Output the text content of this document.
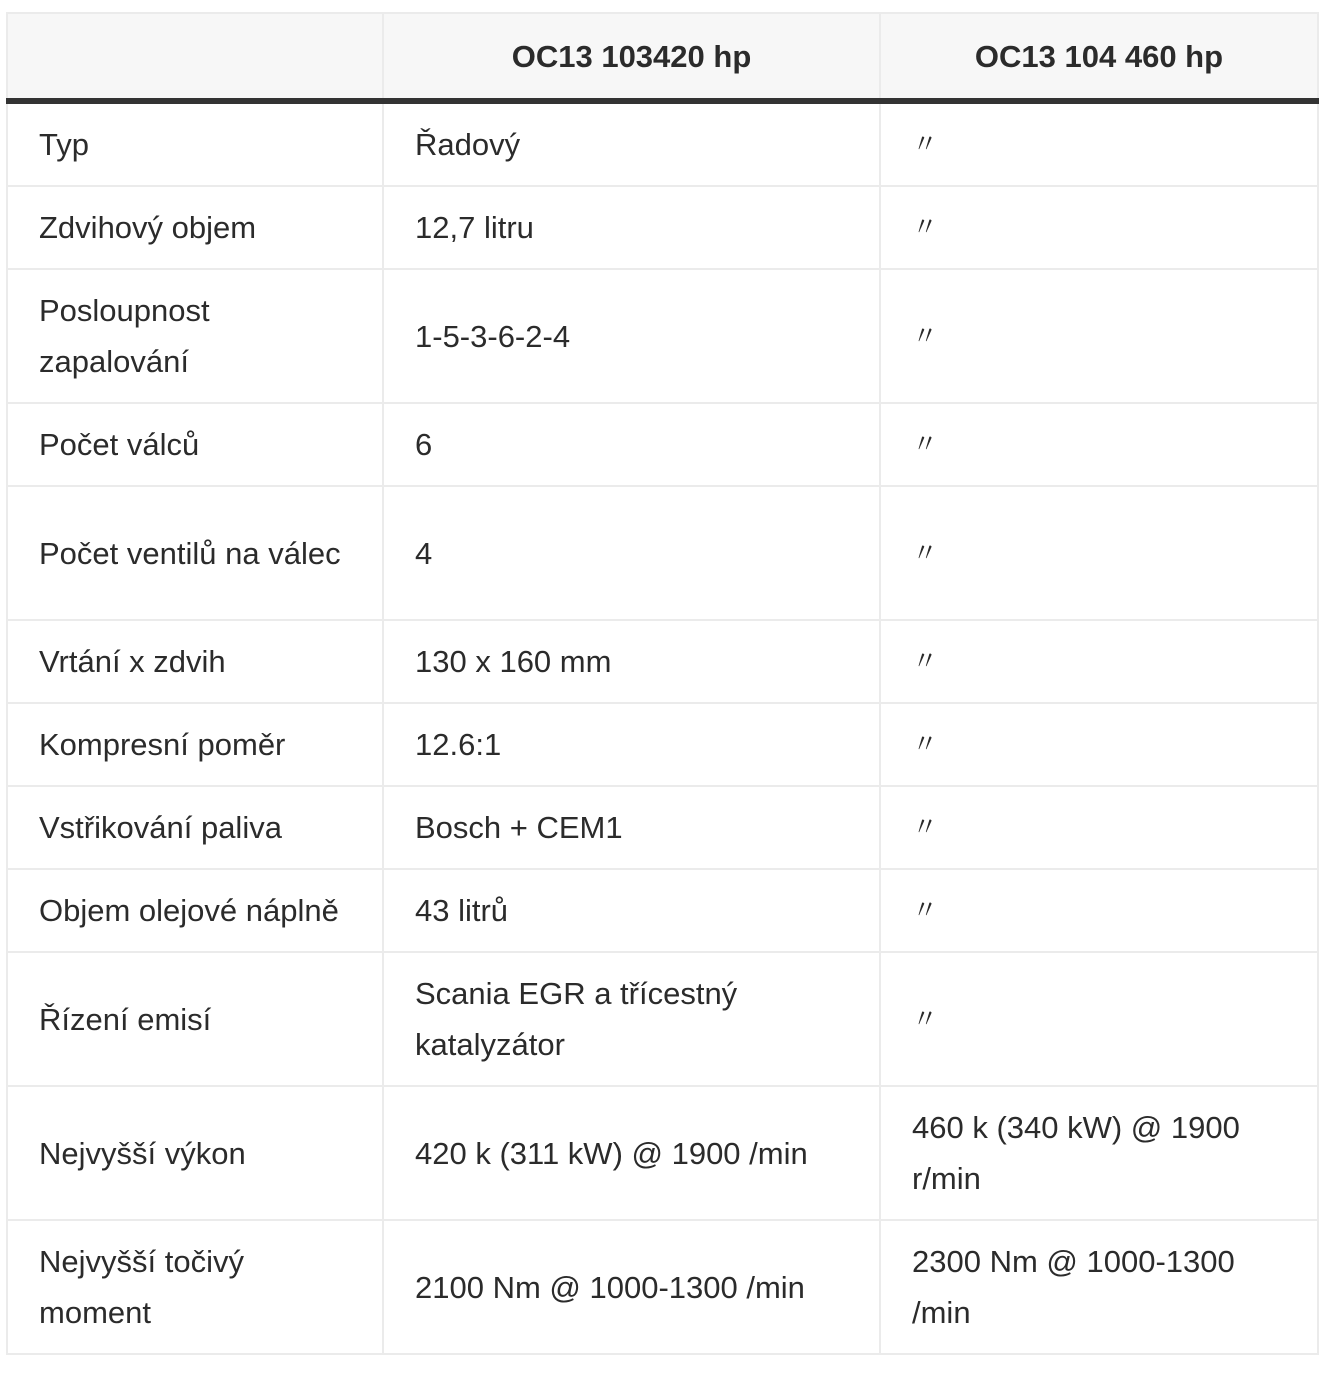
	OC13 103420 hp	OC13 104 460 hp
Typ	Řadový	〃
Zdvihový objem	12,7 litru	〃
Posloupnost zapalování	1-5-3-6-2-4	〃
Počet válců	6	〃
Počet ventilů na válec	4	〃
Vrtání x zdvih	130 x 160 mm	〃
Kompresní poměr	12.6:1	〃
Vstřikování paliva	Bosch + CEM1	〃
Objem olejové náplně	43 litrů	〃
Řízení emisí	Scania EGR a třícestný katalyzátor	〃
Nejvyšší výkon	420 k (311 kW) @ 1900 /min	460 k (340 kW) @ 1900 r/min
Nejvyšší točivý moment	2100 Nm @ 1000-1300 /min	2300 Nm @ 1000-1300 /min
